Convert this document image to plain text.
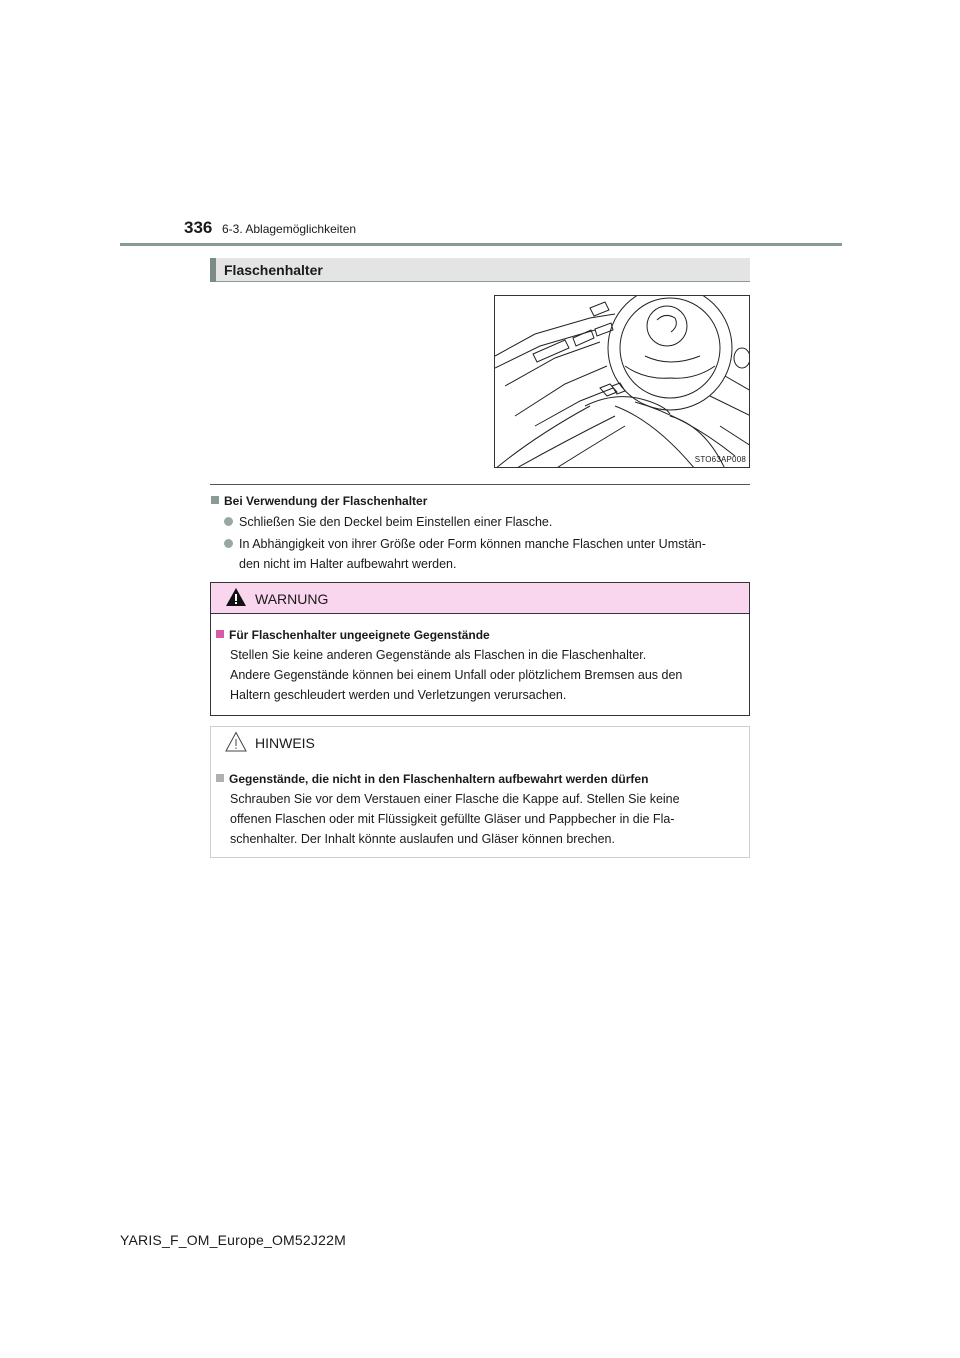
336 6-3. Ablagemöglichkeiten
Flaschenhalter
STO63AP008
Bei Verwendung der Flaschenhalter
Schließen Sie den Deckel beim Einstellen einer Flasche.
In Abhängigkeit von ihrer Größe oder Form können manche Flaschen unter Umstän-
den nicht im Halter aufbewahrt werden.
WARNUNG
Für Flaschenhalter ungeeignete Gegenstände
Stellen Sie keine anderen Gegenstände als Flaschen in die Flaschenhalter.
Andere Gegenstände können bei einem Unfall oder plötzlichem Bremsen aus den
Haltern geschleudert werden und Verletzungen verursachen.
HINWEIS
Gegenstände, die nicht in den Flaschenhaltern aufbewahrt werden dürfen
Schrauben Sie vor dem Verstauen einer Flasche die Kappe auf. Stellen Sie keine
offenen Flaschen oder mit Flüssigkeit gefüllte Gläser und Pappbecher in die Fla-
schenhalter. Der Inhalt könnte auslaufen und Gläser können brechen.
YARIS_F_OM_Europe_OM52J22M
